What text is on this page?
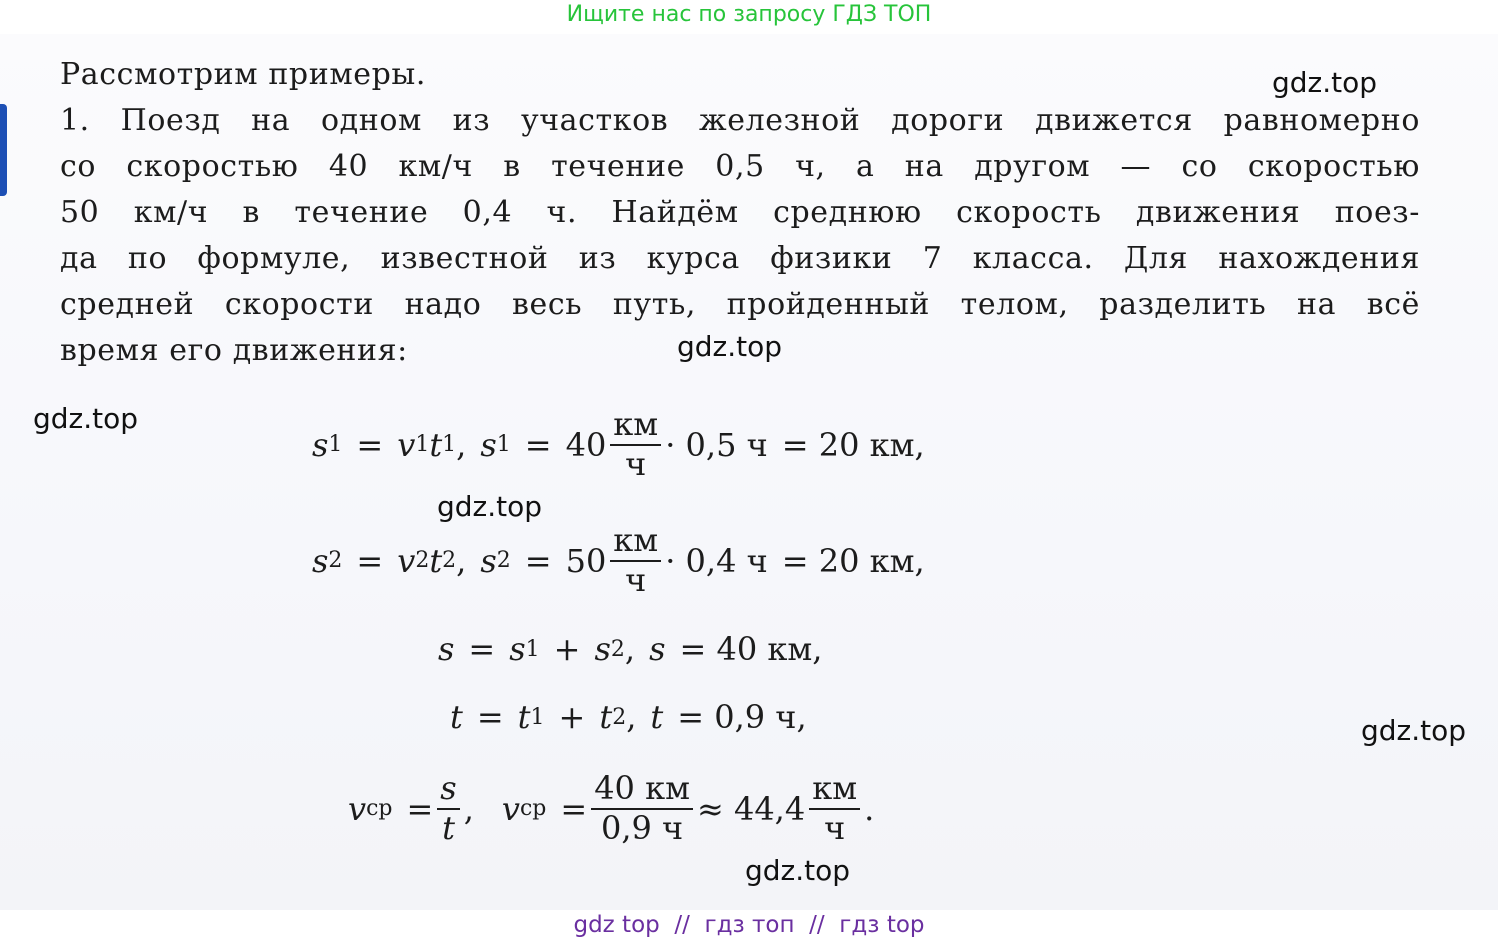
Ищите нас по запросу ГДЗ ТОП
Рассмотрим примеры.
1. Поезд на одном из участков железной дороги движется равномерно
со скоростью 40 км/ч в течение 0,5 ч, а на другом — со скоростью
50 км/ч в течение 0,4 ч. Найдём среднюю скорость движения поез-
да по формуле, известной из курса физики 7 класса. Для нахождения
средней скорости надо весь путь, пройденный телом, разделить на всё
время его движения:
gdz.top
gdz.top
gdz.top
gdz.top
gdz.top
gdz.top
s 1 = v 1 t 1 , s $1 = 40 \frac{км}{ч} \cdot 0,5$ ч = 20 км,
s 2 = v 2 t 2 , s $2 = 50 \frac{км}{ч} \cdot 0,4$ ч = 20 км,
s = s 1 + s 2 , s = 40 км,
t = t 1 + t 2 , t = 0,9 ч,
v ср = $\frac{s}{t}$ , v ср = $\frac{40 км}{0,9 ч} \approx 44,4 \frac{км}{ч}$ .
gdz top  //  гдз топ  //  гдз top
